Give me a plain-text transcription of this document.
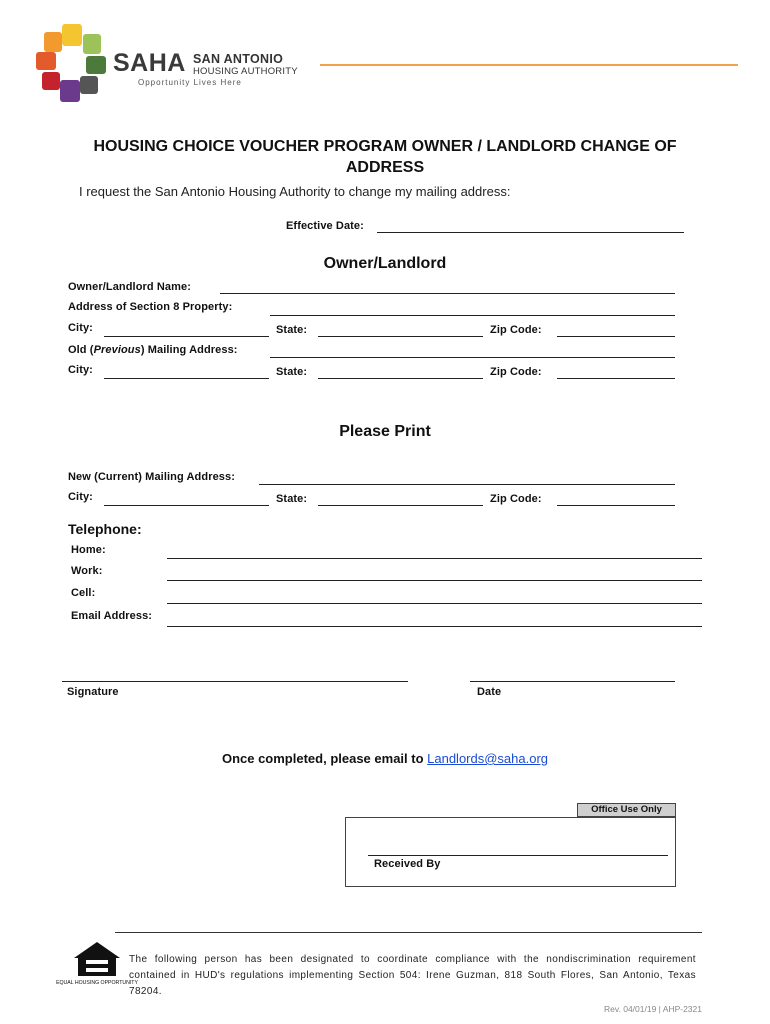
SAHA SAN ANTONIO
HOUSING AUTHORITY
Opportunity Lives Here
HOUSING CHOICE VOUCHER PROGRAM OWNER / LANDLORD CHANGE OF ADDRESS
I request the San Antonio Housing Authority to change my mailing address:
Effective Date:
Owner/Landlord
Owner/Landlord Name:
Address of Section 8 Property:
City:	State:	Zip Code:
Old (Previous) Mailing Address:
City:	State:	Zip Code:
Please Print
New (Current) Mailing Address:
City:	State:	Zip Code:
Telephone:
Home:
Work:
Cell:
Email Address:
Signature	Date
Once completed, please email to Landlords@saha.org
Office Use Only
Received By
EQUAL HOUSING OPPORTUNITY
The following person has been designated to coordinate compliance with the nondiscrimination requirement contained in HUD's regulations implementing Section 504: Irene Guzman, 818 South Flores, San Antonio, Texas 78204.
Rev. 04/01/19 | AHP-2321
